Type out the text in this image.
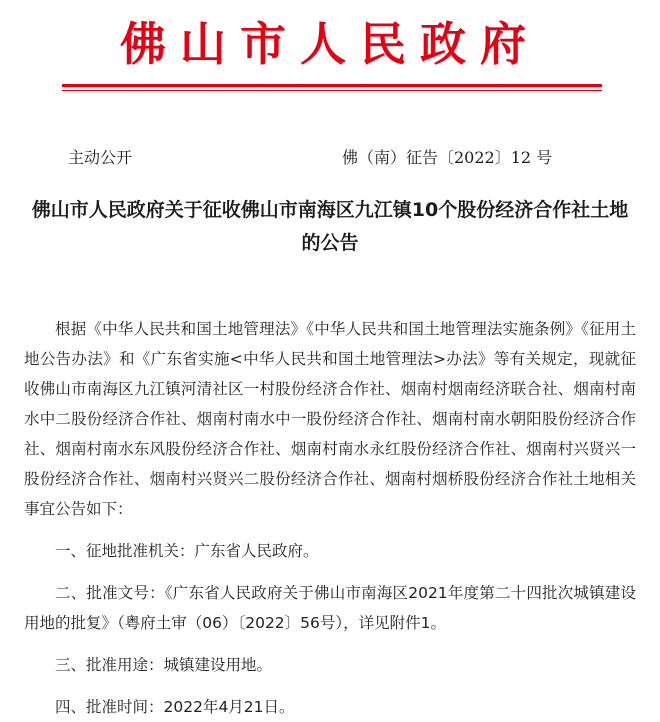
佛山市人民政府
主动公开	佛（南）征告〔2022〕12 号
佛山市人民政府关于征收佛山市南海区九江镇10个股份经济合作社土地的公告

根据《中华人民共和国土地管理法》《中华人民共和国土地管理法实施条例》《征用土地公告办法》和《广东省实施<中华人民共和国土地管理法>办法》等有关规定，现就征收佛山市南海区九江镇河清社区一村股份经济合作社、烟南村烟南经济联合社、烟南村南水中二股份经济合作社、烟南村南水中一股份经济合作社、烟南村南水朝阳股份经济合作社、烟南村南水东风股份经济合作社、烟南村南水永红股份经济合作社、烟南村兴贤兴一股份经济合作社、烟南村兴贤兴二股份经济合作社、烟南村烟桥股份经济合作社土地相关事宜公告如下：

一、征地批准机关：广东省人民政府。

二、批准文号：《广东省人民政府关于佛山市南海区2021年度第二十四批次城镇建设用地的批复》（粤府土审（06）〔2022〕56号），详见附件1。

三、批准用途：城镇建设用地。

四、批准时间：2022年4月21日。
